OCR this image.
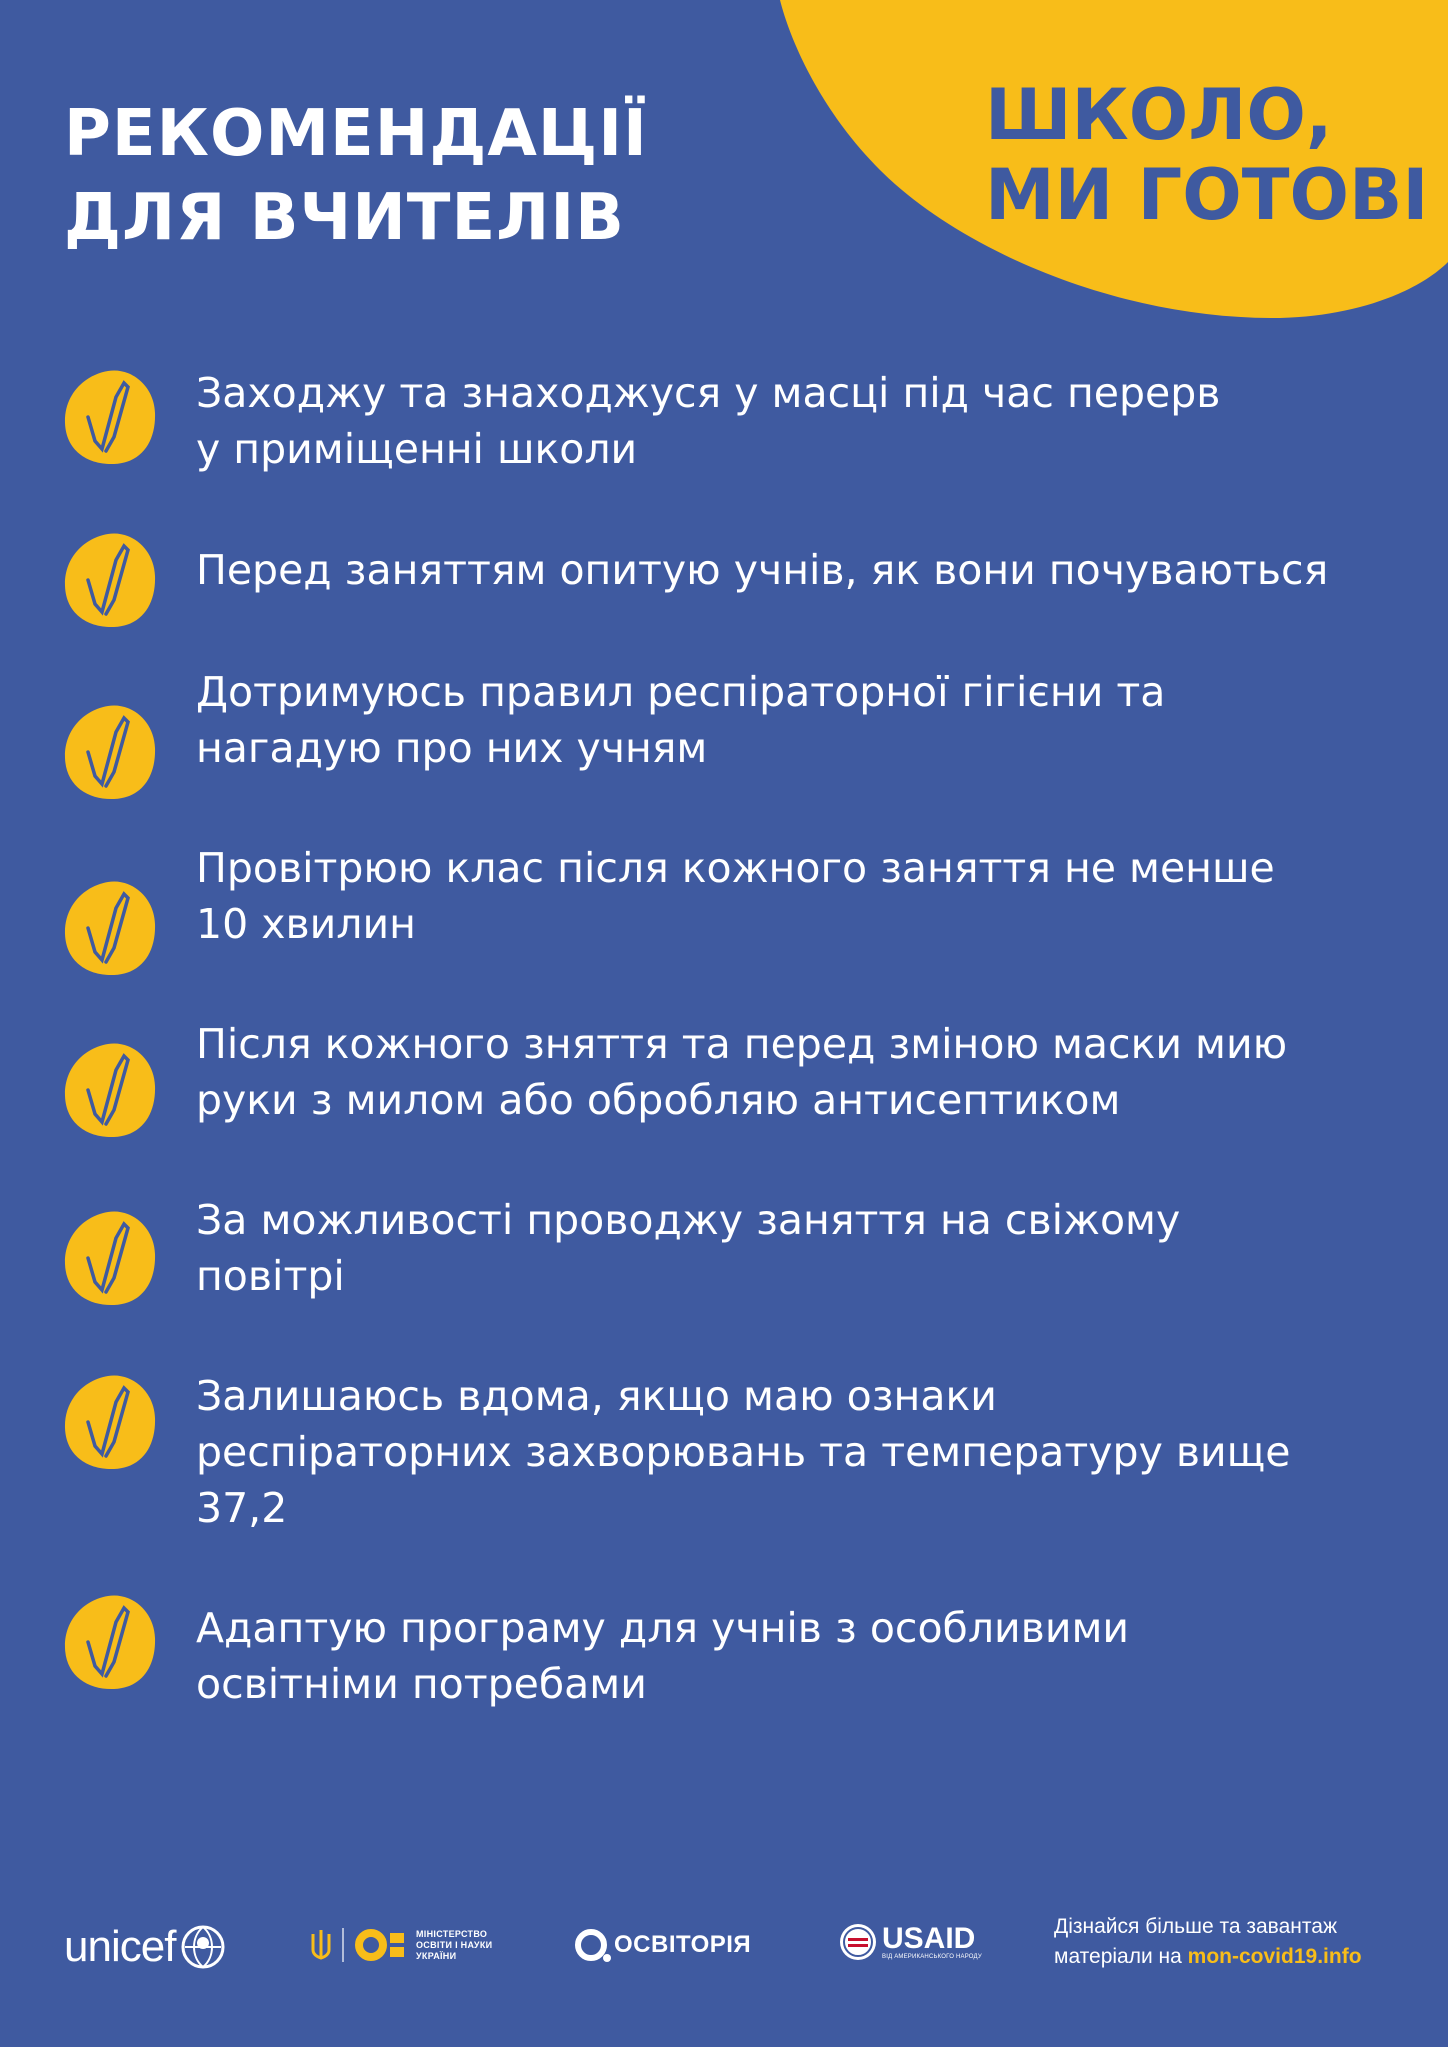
РЕКОМЕНДАЦІЇ
ДЛЯ ВЧИТЕЛІВ
ШКОЛО,
МИ ГОТОВІ

Заходжу та знаходжуся у масці під час перерв
у приміщенні школи

Перед заняттям опитую учнів, як вони почуваються

Дотримуюсь правил респіраторної гігієни та
нагадую про них учням

Провітрюю клас після кожного заняття не менше
10 хвилин

Після кожного зняття та перед зміною маски мию
руки з милом або обробляю антисептиком

За можливості проводжу заняття на свіжому
повітрі

Залишаюсь вдома, якщо маю ознаки
респіраторних захворювань та температуру вище
37,2

Адаптую програму для учнів з особливими
освітніми потребами

unicef	МІНІСТЕРСТВО
ОСВІТИ І НАУКИ
УКРАЇНИ	ОСВІТОРІЯ	USAID
ВІД АМЕРИКАНСЬКОГО НАРОДУ

Дізнайся більше та завантаж
матеріали на mon-covid19.info
